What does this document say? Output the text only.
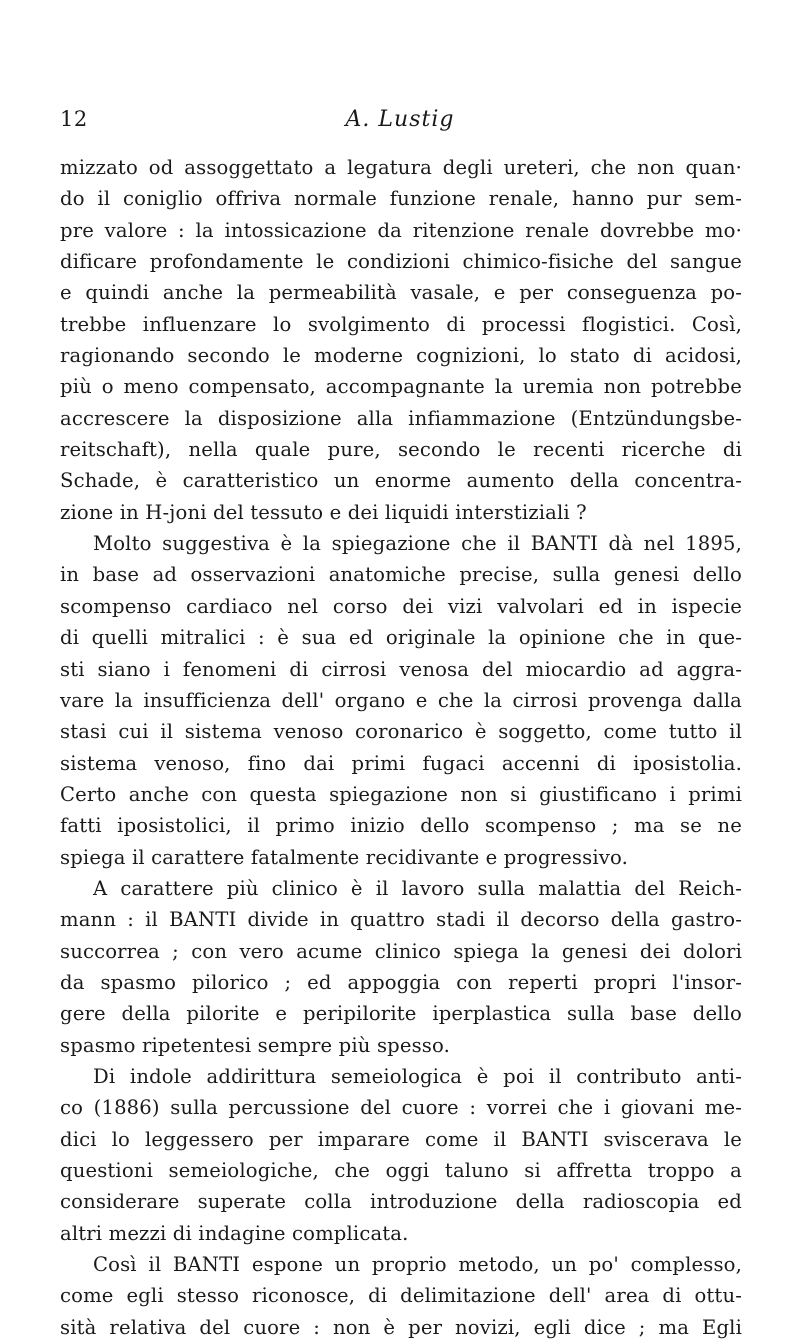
12	A. Lustig
mizzato od assoggettato a legatura degli ureteri, che non quan·
do il coniglio offriva normale funzione renale, hanno pur sem-
pre valore : la intossicazione da ritenzione renale dovrebbe mo·
dificare profondamente le condizioni chimico-fisiche del sangue
e quindi anche la permeabilità vasale, e per conseguenza po-
trebbe influenzare lo svolgimento di processi flogistici. Così,
ragionando secondo le moderne cognizioni, lo stato di acidosi,
più o meno compensato, accompagnante la uremia non potrebbe
accrescere la disposizione alla infiammazione (Entzündungsbe-
reitschaft), nella quale pure, secondo le recenti ricerche di
Schade, è caratteristico un enorme aumento della concentra-
zione in H-joni del tessuto e dei liquidi interstiziali ?
Molto suggestiva è la spiegazione che il BANTI dà nel 1895,
in base ad osservazioni anatomiche precise, sulla genesi dello
scompenso cardiaco nel corso dei vizi valvolari ed in ispecie
di quelli mitralici : è sua ed originale la opinione che in que-
sti siano i fenomeni di cirrosi venosa del miocardio ad aggra-
vare la insufficienza dell' organo e che la cirrosi provenga dalla
stasi cui il sistema venoso coronarico è soggetto, come tutto il
sistema venoso, fino dai primi fugaci accenni di iposistolia.
Certo anche con questa spiegazione non si giustificano i primi
fatti iposistolici, il primo inizio dello scompenso ; ma se ne
spiega il carattere fatalmente recidivante e progressivo.
A carattere più clinico è il lavoro sulla malattia del Reich-
mann : il BANTI divide in quattro stadi il decorso della gastro-
succorrea ; con vero acume clinico spiega la genesi dei dolori
da spasmo pilorico ; ed appoggia con reperti propri l'insor-
gere della pilorite e peripilorite iperplastica sulla base dello
spasmo ripetentesi sempre più spesso.
Di indole addirittura semeiologica è poi il contributo anti-
co (1886) sulla percussione del cuore : vorrei che i giovani me-
dici lo leggessero per imparare come il BANTI sviscerava le
questioni semeiologiche, che oggi taluno si affretta troppo a
considerare superate colla introduzione della radioscopia ed
altri mezzi di indagine complicata.
Così il BANTI espone un proprio metodo, un po' complesso,
come egli stesso riconosce, di delimitazione dell' area di ottu-
sità relativa del cuore : non è per novizi, egli dice ; ma Egli
